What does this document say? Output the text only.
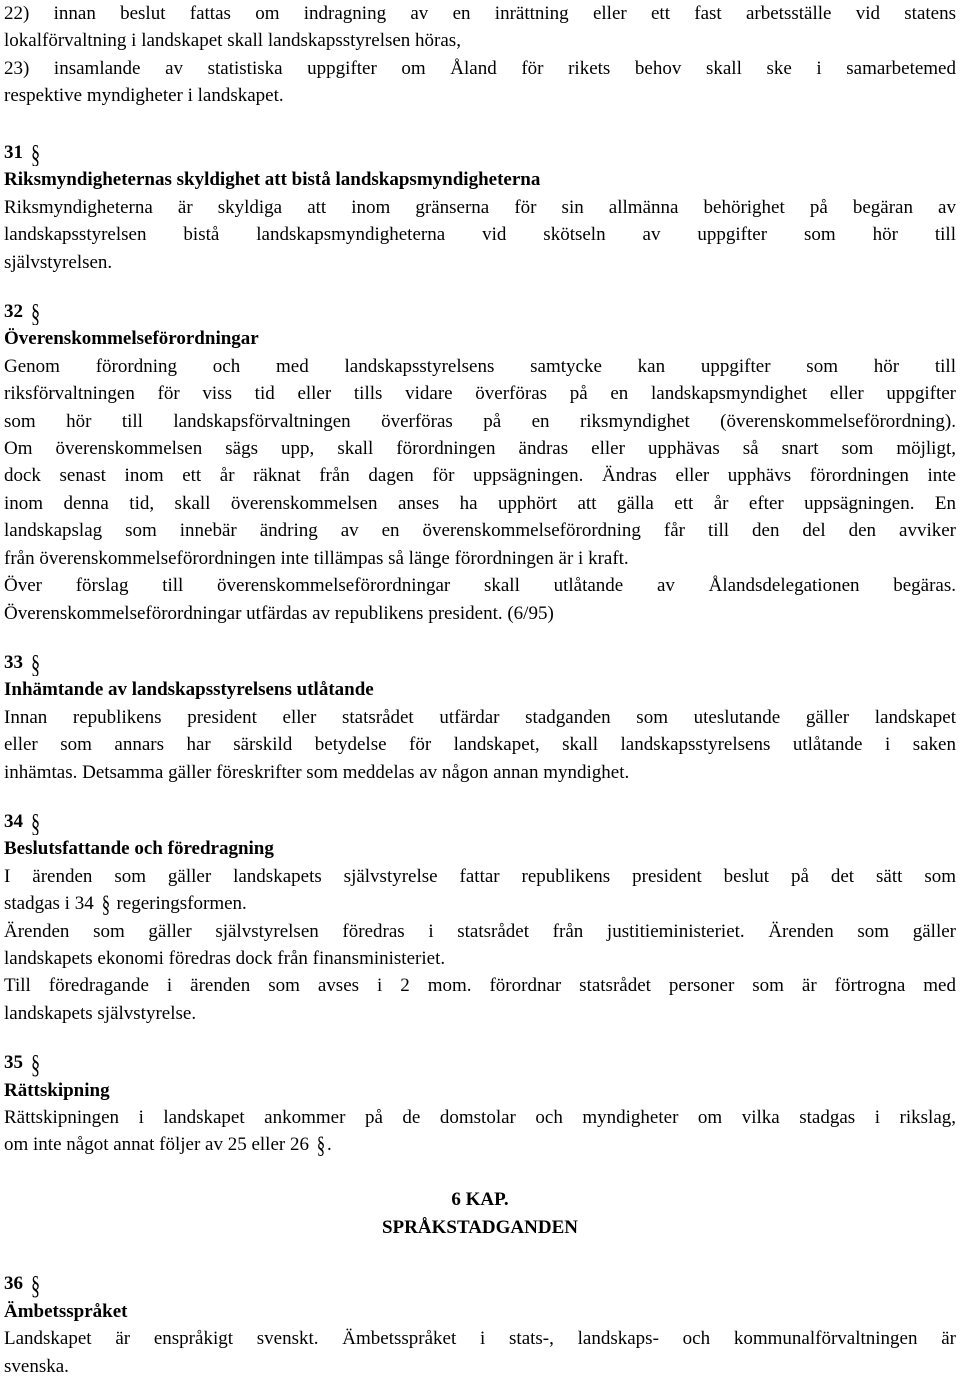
22) innan beslut fattas om indragning av en inrättning eller ett fast arbetsställe vid statens
lokalförvaltning i landskapet skall landskapsstyrelsen höras,
23) insamlande av statistiska uppgifter om Åland för rikets behov skall ske i samarbetemed
respektive myndigheter i landskapet.
31 §
Riksmyndigheternas skyldighet att bistå landskapsmyndigheterna
Riksmyndigheterna är skyldiga att inom gränserna för sin allmänna behörighet på begäran av
landskapsstyrelsen bistå landskapsmyndigheterna vid skötseln av uppgifter som hör till
självstyrelsen.
32 §
Överenskommelseförordningar
Genom förordning och med landskapsstyrelsens samtycke kan uppgifter som hör till
riksförvaltningen för viss tid eller tills vidare överföras på en landskapsmyndighet eller uppgifter
som hör till landskapsförvaltningen överföras på en riksmyndighet (överenskommelseförordning).
Om överenskommelsen sägs upp, skall förordningen ändras eller upphävas så snart som möjligt,
dock senast inom ett år räknat från dagen för uppsägningen. Ändras eller upphävs förordningen inte
inom denna tid, skall överenskommelsen anses ha upphört att gälla ett år efter uppsägningen. En
landskapslag som innebär ändring av en överenskommelseförordning får till den del den avviker
från överenskommelseförordningen inte tillämpas så länge förordningen är i kraft.
Över förslag till överenskommelseförordningar skall utlåtande av Ålandsdelegationen begäras.
Överenskommelseförordningar utfärdas av republikens president. (6/95)
33 §
Inhämtande av landskapsstyrelsens utlåtande
Innan republikens president eller statsrådet utfärdar stadganden som uteslutande gäller landskapet
eller som annars har särskild betydelse för landskapet, skall landskapsstyrelsens utlåtande i saken
inhämtas. Detsamma gäller föreskrifter som meddelas av någon annan myndighet.
34 §
Beslutsfattande och föredragning
I ärenden som gäller landskapets självstyrelse fattar republikens president beslut på det sätt som
stadgas i 34 § regeringsformen.
Ärenden som gäller självstyrelsen föredras i statsrådet från justitieministeriet. Ärenden som gäller
landskapets ekonomi föredras dock från finansministeriet.
Till föredragande i ärenden som avses i 2 mom. förordnar statsrådet personer som är förtrogna med
landskapets självstyrelse.
35 §
Rättskipning
Rättskipningen i landskapet ankommer på de domstolar och myndigheter om vilka stadgas i rikslag,
om inte något annat följer av 25 eller 26 §.
6 KAP.
SPRÅKSTADGANDEN
36 §
Ämbetsspråket
Landskapet är enspråkigt svenskt. Ämbetsspråket i stats-, landskaps- och kommunalförvaltningen är
svenska.
